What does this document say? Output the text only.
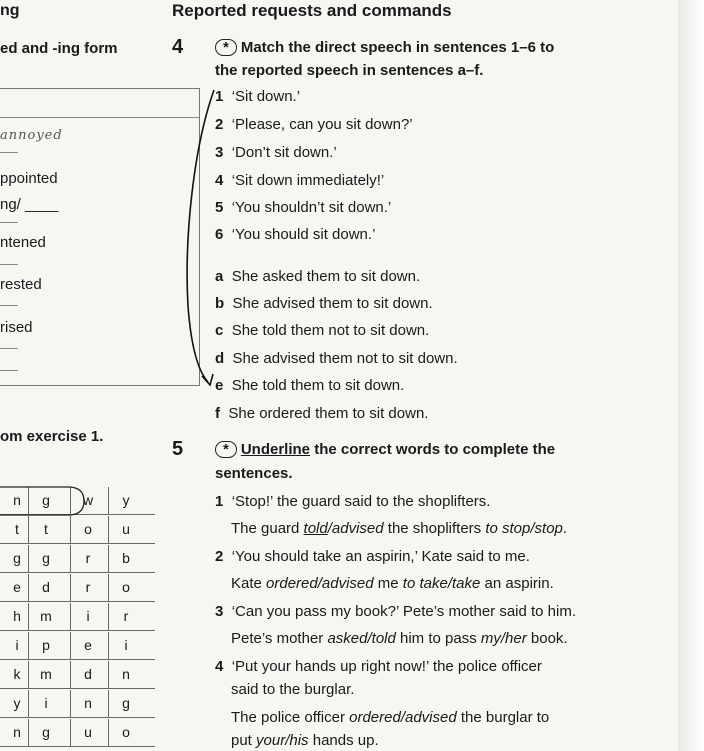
ng	Reported requests and commands
ed and -ing form
annoyed
ppointed
ng/ ____
ntened
rested
rised
om exercise 1.
n	g	w	y
t	t	o	u
g	g	r	b
e	d	r	o
h	m	i	r
i	p	e	i
k	m	d	n
y	i	n	g
n	g	u	o
4	* Match the direct speech in sentences 1–6 to
the reported speech in sentences a–f.
1 ‘Sit down.’
2 ‘Please, can you sit down?’
3 ‘Don’t sit down.’
4 ‘Sit down immediately!’
5 ‘You shouldn’t sit down.’
6 ‘You should sit down.’
a She asked them to sit down.
b She advised them to sit down.
c She told them not to sit down.
d She advised them not to sit down.
e She told them to sit down.
f She ordered them to sit down.
5	* Underline the correct words to complete the
sentences.
1 ‘Stop!’ the guard said to the shoplifters.
The guard told/advised the shoplifters to stop/stop.
2 ‘You should take an aspirin,’ Kate said to me.
Kate ordered/advised me to take/take an aspirin.
3 ‘Can you pass my book?’ Pete’s mother said to him.
Pete’s mother asked/told him to pass my/her book.
4 ‘Put your hands up right now!’ the police officer
said to the burglar.
The police officer ordered/advised the burglar to
put your/his hands up.
